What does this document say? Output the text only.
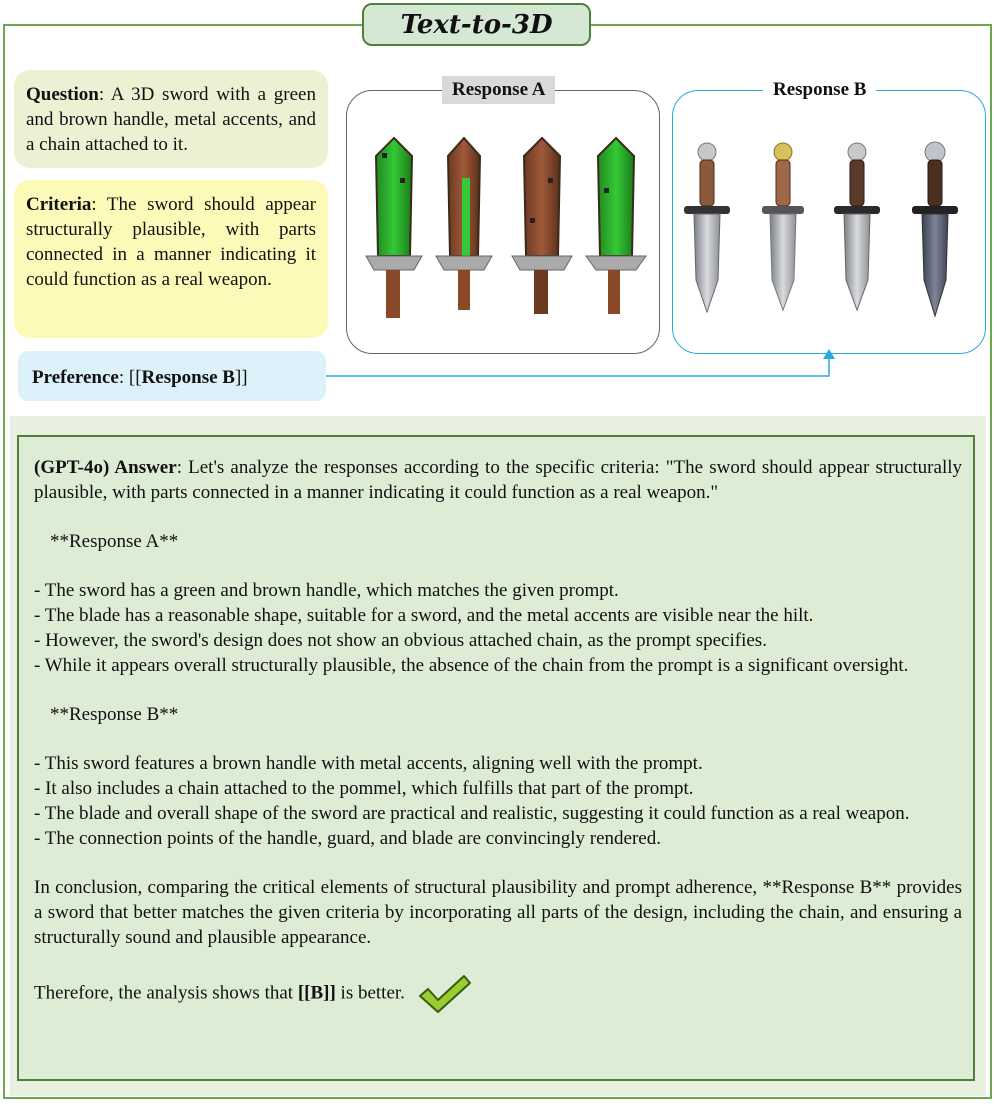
Text-to-3D
Question: A 3D sword with a green and brown handle, metal accents, and a chain attached to it.
Criteria: The sword should appear structurally plausible, with parts connected in a manner indicating it could function as a real weapon.
Preference: [[Response B]]
Response A	Response B

(GPT-4o) Answer: Let's analyze the responses according to the specific criteria: "The sword should appear structurally plausible, with parts connected in a manner indicating it could function as a real weapon."

**Response A**

- The sword has a green and brown handle, which matches the given prompt.

- The blade has a reasonable shape, suitable for a sword, and the metal accents are visible near the hilt.

- However, the sword's design does not show an obvious attached chain, as the prompt specifies.

- While it appears overall structurally plausible, the absence of the chain from the prompt is a significant oversight.

**Response B**

- This sword features a brown handle with metal accents, aligning well with the prompt.

- It also includes a chain attached to the pommel, which fulfills that part of the prompt.

- The blade and overall shape of the sword are practical and realistic, suggesting it could function as a real weapon.

- The connection points of the handle, guard, and blade are convincingly rendered.

In conclusion, comparing the critical elements of structural plausibility and prompt adherence, **Response B** provides a sword that better matches the given criteria by incorporating all parts of the design, including the chain, and ensuring a structurally sound and plausible appearance.

Therefore, the analysis shows that [[B]] is better.
